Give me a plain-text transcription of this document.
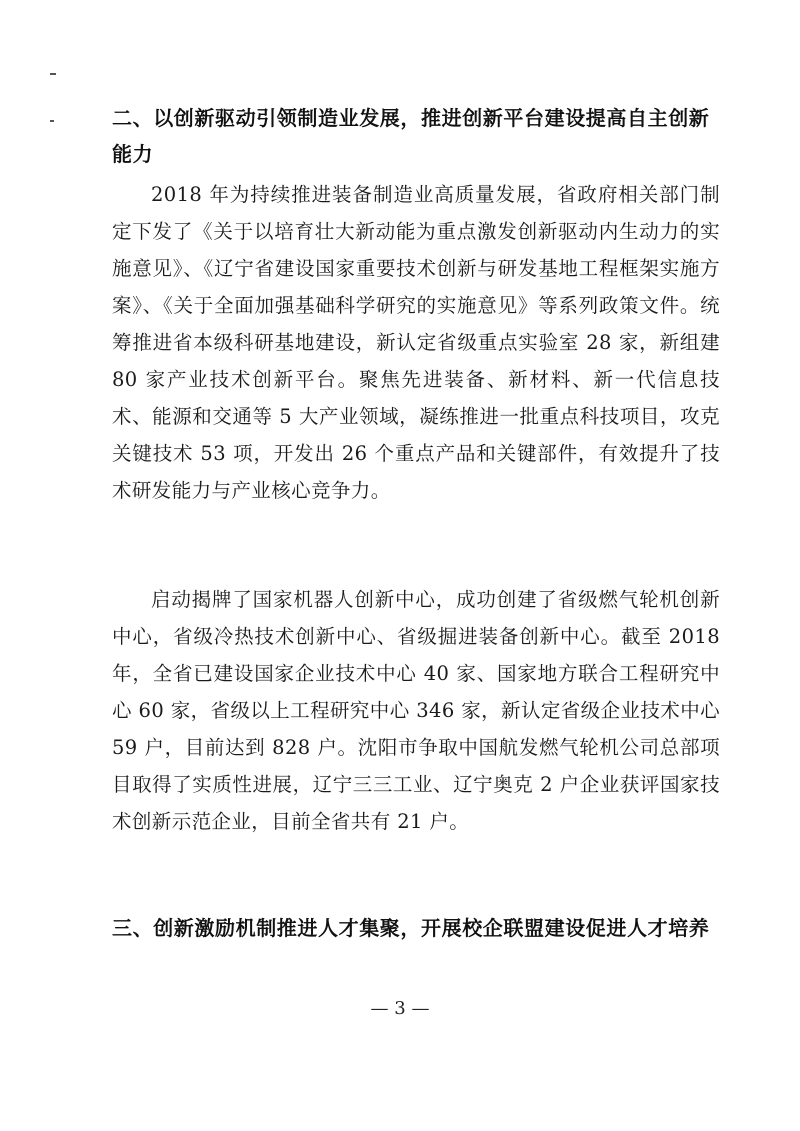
二、以创新驱动引领制造业发展，推进创新平台建设提高自主创新能力

2018 年为持续推进装备制造业高质量发展，省政府相关部门制定下发了《关于以培育壮大新动能为重点激发创新驱动内生动力的实施意见》、《辽宁省建设国家重要技术创新与研发基地工程框架实施方案》、《关于全面加强基础科学研究的实施意见》等系列政策文件。统筹推进省本级科研基地建设，新认定省级重点实验室 28 家，新组建 80 家产业技术创新平台。聚焦先进装备、新材料、新一代信息技术、能源和交通等 5 大产业领域，凝练推进一批重点科技项目，攻克关键技术 53 项，开发出 26 个重点产品和关键部件，有效提升了技术研发能力与产业核心竞争力。

启动揭牌了国家机器人创新中心，成功创建了省级燃气轮机创新中心，省级冷热技术创新中心、省级掘进装备创新中心。截至 2018 年，全省已建设国家企业技术中心 40 家、国家地方联合工程研究中心 60 家，省级以上工程研究中心 346 家，新认定省级企业技术中心 59 户，目前达到 828 户。沈阳市争取中国航发燃气轮机公司总部项目取得了实质性进展，辽宁三三工业、辽宁奥克 2 户企业获评国家技术创新示范企业，目前全省共有 21 户。

三、创新激励机制推进人才集聚，开展校企联盟建设促进人才培养
— 3 —
